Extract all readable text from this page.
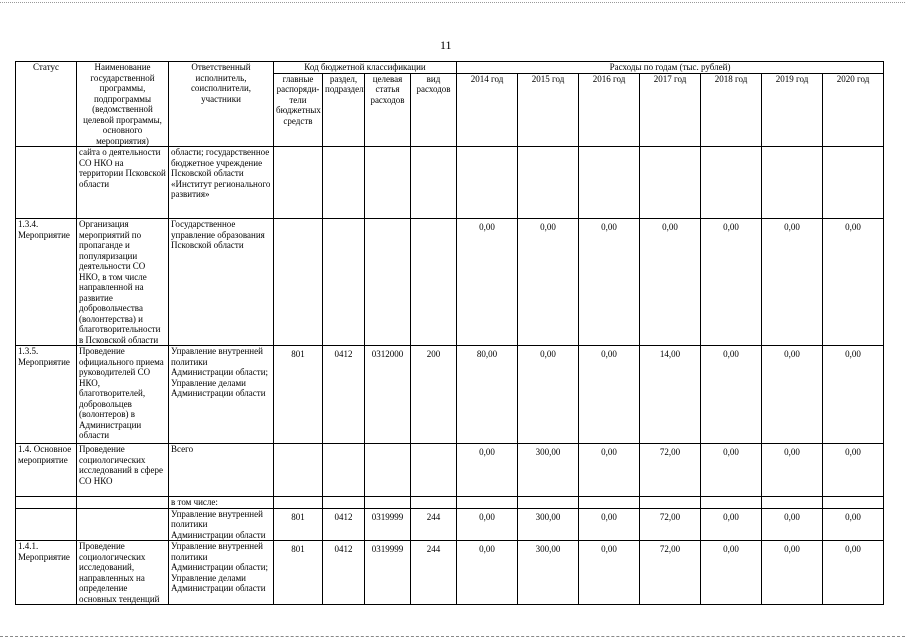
11
Статус	Наименование государственной программы, подпрограммы (ведомственной целевой программы, основного мероприятия)	Ответственный исполнитель, соисполнители, участники	Код бюджетной классификации				Расходы по годам (тыс. рублей)						
			главные распоряди-тели бюджетных средств	раздел, подраздел	целевая статья расходов	вид расходов	2014 год	2015 год	2016 год	2017 год	2018 год	2019 год	2020 год
	сайта о деятельности СО НКО на территории Псковской области	области; государственное бюджетное учреждение Псковской области «Институт регионального развития»											
1.3.4. Мероприятие	Организация мероприятий по пропаганде и популяризации деятельности СО НКО, в том числе направленной на развитие добровольчества (волонтерства) и благотворительности в Псковской области	Государственное управление образования Псковской области					0,00	0,00	0,00	0,00	0,00	0,00	0,00
1.3.5. Мероприятие	Проведение официального приема руководителей СО НКО, благотворителей, добровольцев (волонтеров) в Администрации области	Управление внутренней политики Администрации области; Управление делами Администрации области	801	0412	0312000	200	80,00	0,00	0,00	14,00	0,00	0,00	0,00
1.4. Основное мероприятие	Проведение социологических исследований в сфере СО НКО	Всего					0,00	300,00	0,00	72,00	0,00	0,00	0,00
		в том числе:											
		Управление внутренней политики Администрации области	801	0412	0319999	244	0,00	300,00	0,00	72,00	0,00	0,00	0,00
1.4.1. Мероприятие	Проведение социологических исследований, направленных на определение основных тенденций	Управление внутренней политики Администрации области; Управление делами Администрации области	801	0412	0319999	244	0,00	300,00	0,00	72,00	0,00	0,00	0,00
